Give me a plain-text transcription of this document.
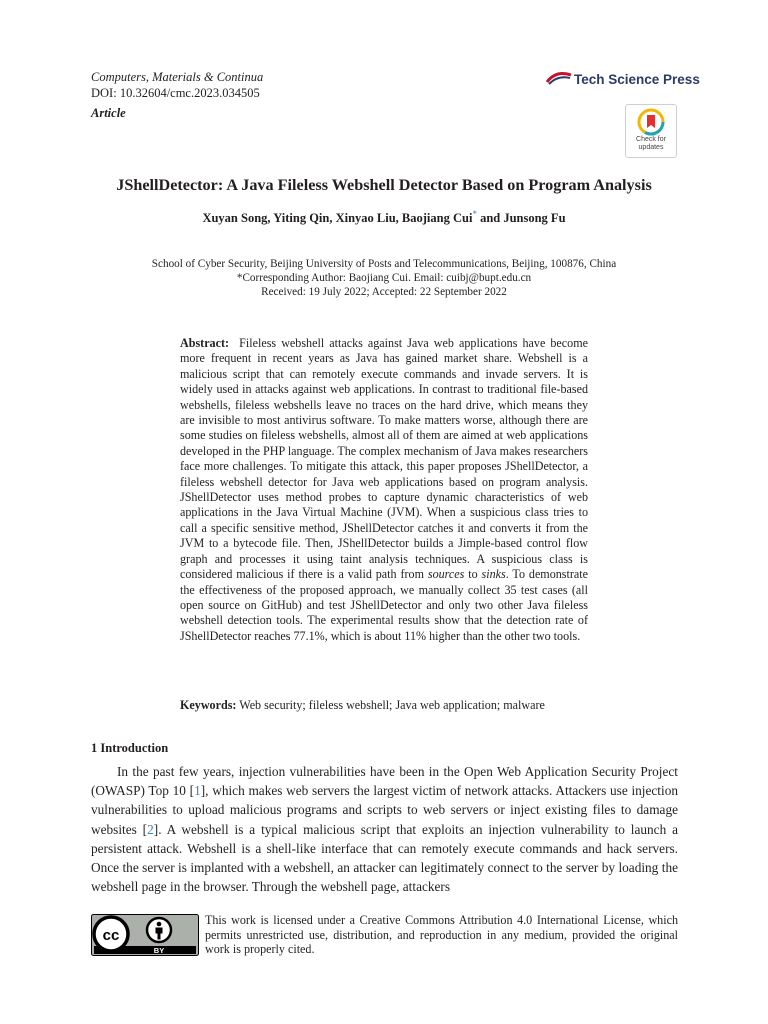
Computers, Materials & Continua
DOI: 10.32604/cmc.2023.034505
Article
Tech Science Press
Check for
updates
JShellDetector: A Java Fileless Webshell Detector Based on Program Analysis
Xuyan Song, Yiting Qin, Xinyao Liu, Baojiang Cui* and Junsong Fu
School of Cyber Security, Beijing University of Posts and Telecommunications, Beijing, 100876, China
*Corresponding Author: Baojiang Cui. Email: cuibj@bupt.edu.cn
Received: 19 July 2022; Accepted: 22 September 2022
Abstract: Fileless webshell attacks against Java web applications have become more frequent in recent years as Java has gained market share. Webshell is a malicious script that can remotely execute commands and invade servers. It is widely used in attacks against web applications. In contrast to traditional file-based webshells, fileless webshells leave no traces on the hard drive, which means they are invisible to most antivirus software. To make matters worse, although there are some studies on fileless webshells, almost all of them are aimed at web applications developed in the PHP language. The complex mechanism of Java makes researchers face more challenges. To mitigate this attack, this paper proposes JShellDetector, a fileless webshell detector for Java web applications based on program analysis. JShellDetector uses method probes to capture dynamic characteristics of web applications in the Java Virtual Machine (JVM). When a suspicious class tries to call a specific sensitive method, JShellDetector catches it and converts it from the JVM to a bytecode file. Then, JShellDetector builds a Jimple-based control flow graph and processes it using taint analysis techniques. A suspicious class is considered malicious if there is a valid path from sources to sinks. To demonstrate the effectiveness of the proposed approach, we manually collect 35 test cases (all open source on GitHub) and test JShellDetector and only two other Java fileless webshell detection tools. The experimental results show that the detection rate of JShellDetector reaches 77.1%, which is about 11% higher than the other two tools.
Keywords: Web security; fileless webshell; Java web application; malware
1 Introduction
In the past few years, injection vulnerabilities have been in the Open Web Application Security Project (OWASP) Top 10 [1], which makes web servers the largest victim of network attacks. Attackers use injection vulnerabilities to upload malicious programs and scripts to web servers or inject existing files to damage websites [2]. A webshell is a typical malicious script that exploits an injection vulnerability to launch a persistent attack. Webshell is a shell-like interface that can remotely execute commands and hack servers. Once the server is implanted with a webshell, an attacker can legitimately connect to the server by loading the webshell page in the browser. Through the webshell page, attackers
cc
BY
This work is licensed under a Creative Commons Attribution 4.0 International License, which permits unrestricted use, distribution, and reproduction in any medium, provided the original work is properly cited.
